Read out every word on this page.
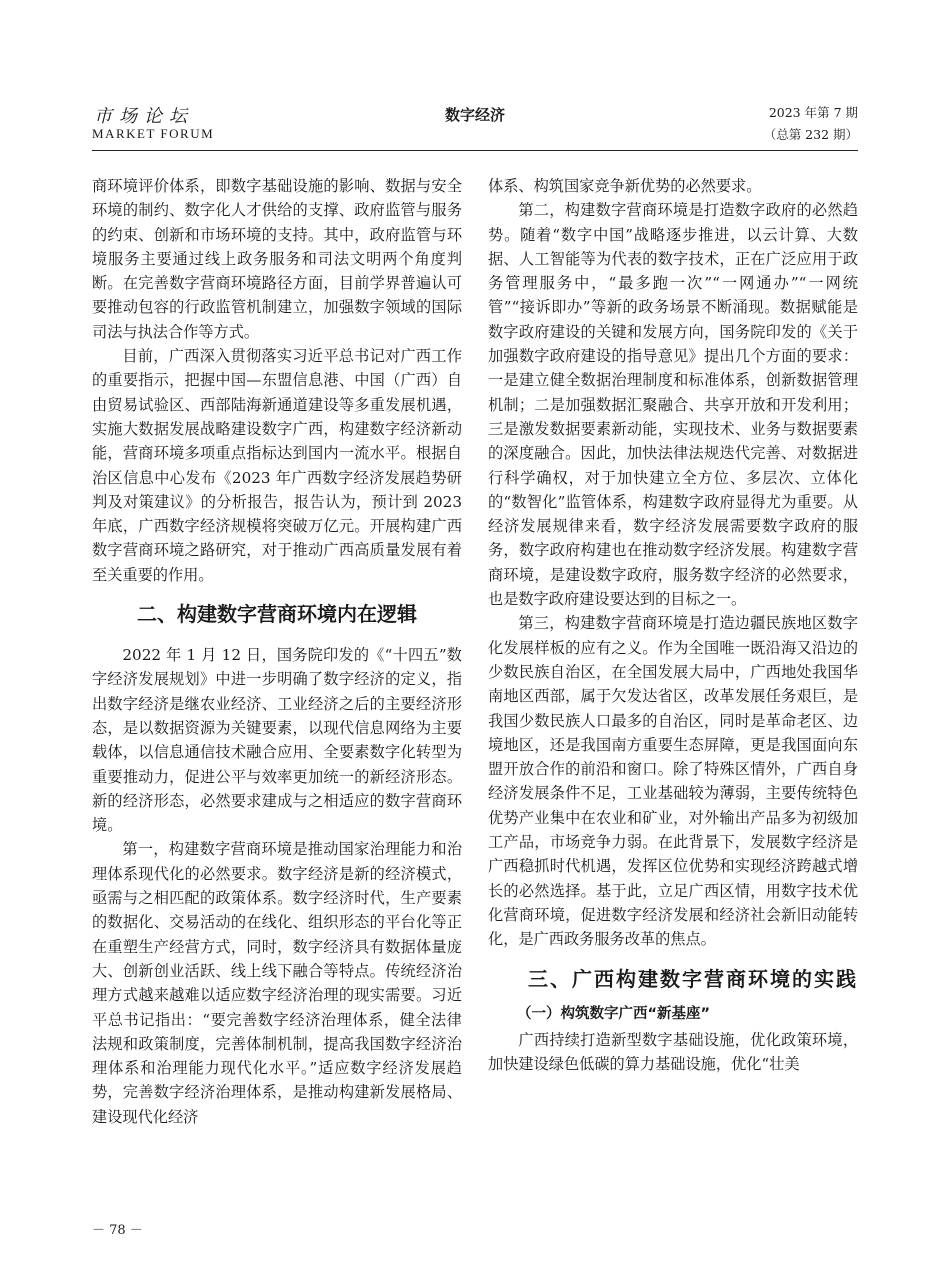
市场论坛
MARKET FORUM
数字经济	2023 年第 7 期
（总第 232 期）

商环境评价体系，即数字基础设施的影响、数据与安全环境的制约、数字化人才供给的支撑、政府监管与服务的约束、创新和市场环境的支持。其中，政府监管与环境服务主要通过线上政务服务和司法文明两个角度判断。在完善数字营商环境路径方面，目前学界普遍认可要推动包容的行政监管机制建立，加强数字领域的国际司法与执法合作等方式。

目前，广西深入贯彻落实习近平总书记对广西工作的重要指示，把握中国—东盟信息港、中国（广西）自由贸易试验区、西部陆海新通道建设等多重发展机遇，实施大数据发展战略建设数字广西，构建数字经济新动能，营商环境多项重点指标达到国内一流水平。根据自治区信息中心发布《2023 年广西数字经济发展趋势研判及对策建议》的分析报告，报告认为，预计到 2023 年底，广西数字经济规模将突破万亿元。开展构建广西数字营商环境之路研究，对于推动广西高质量发展有着至关重要的作用。

二、构建数字营商环境内在逻辑

2022 年 1 月 12 日，国务院印发的《“十四五”数字经济发展规划》中进一步明确了数字经济的定义，指出数字经济是继农业经济、工业经济之后的主要经济形态，是以数据资源为关键要素，以现代信息网络为主要载体，以信息通信技术融合应用、全要素数字化转型为重要推动力，促进公平与效率更加统一的新经济形态。新的经济形态，必然要求建成与之相适应的数字营商环境。

第一，构建数字营商环境是推动国家治理能力和治理体系现代化的必然要求。数字经济是新的经济模式，亟需与之相匹配的政策体系。数字经济时代，生产要素的数据化、交易活动的在线化、组织形态的平台化等正在重塑生产经营方式，同时，数字经济具有数据体量庞大、创新创业活跃、线上线下融合等特点。传统经济治理方式越来越难以适应数字经济治理的现实需要。习近平总书记指出：“要完善数字经济治理体系，健全法律法规和政策制度，完善体制机制，提高我国数字经济治理体系和治理能力现代化水平。”适应数字经济发展趋势，完善数字经济治理体系，是推动构建新发展格局、建设现代化经济

体系、构筑国家竞争新优势的必然要求。

第二，构建数字营商环境是打造数字政府的必然趋势。随着“数字中国”战略逐步推进，以云计算、大数据、人工智能等为代表的数字技术，正在广泛应用于政务管理服务中，“最多跑一次”“一网通办”“一网统管”“接诉即办”等新的政务场景不断涌现。数据赋能是数字政府建设的关键和发展方向，国务院印发的《关于加强数字政府建设的指导意见》提出几个方面的要求：一是建立健全数据治理制度和标准体系，创新数据管理机制；二是加强数据汇聚融合、共享开放和开发利用；三是激发数据要素新动能，实现技术、业务与数据要素的深度融合。因此，加快法律法规迭代完善、对数据进行科学确权，对于加快建立全方位、多层次、立体化的“数智化”监管体系，构建数字政府显得尤为重要。从经济发展规律来看，数字经济发展需要数字政府的服务，数字政府构建也在推动数字经济发展。构建数字营商环境，是建设数字政府，服务数字经济的必然要求，也是数字政府建设要达到的目标之一。

第三，构建数字营商环境是打造边疆民族地区数字化发展样板的应有之义。作为全国唯一既沿海又沿边的少数民族自治区，在全国发展大局中，广西地处我国华南地区西部，属于欠发达省区，改革发展任务艰巨，是我国少数民族人口最多的自治区，同时是革命老区、边境地区，还是我国南方重要生态屏障，更是我国面向东盟开放合作的前沿和窗口。除了特殊区情外，广西自身经济发展条件不足，工业基础较为薄弱，主要传统特色优势产业集中在农业和矿业，对外输出产品多为初级加工产品，市场竞争力弱。在此背景下，发展数字经济是广西稳抓时代机遇，发挥区位优势和实现经济跨越式增长的必然选择。基于此，立足广西区情，用数字技术优化营商环境，促进数字经济发展和经济社会新旧动能转化，是广西政务服务改革的焦点。

三、广西构建数字营商环境的实践
（一）构筑数字广西“新基座”

广西持续打造新型数字基础设施，优化政策环境，加快建设绿色低碳的算力基础设施，优化“壮美

－ 78 －
